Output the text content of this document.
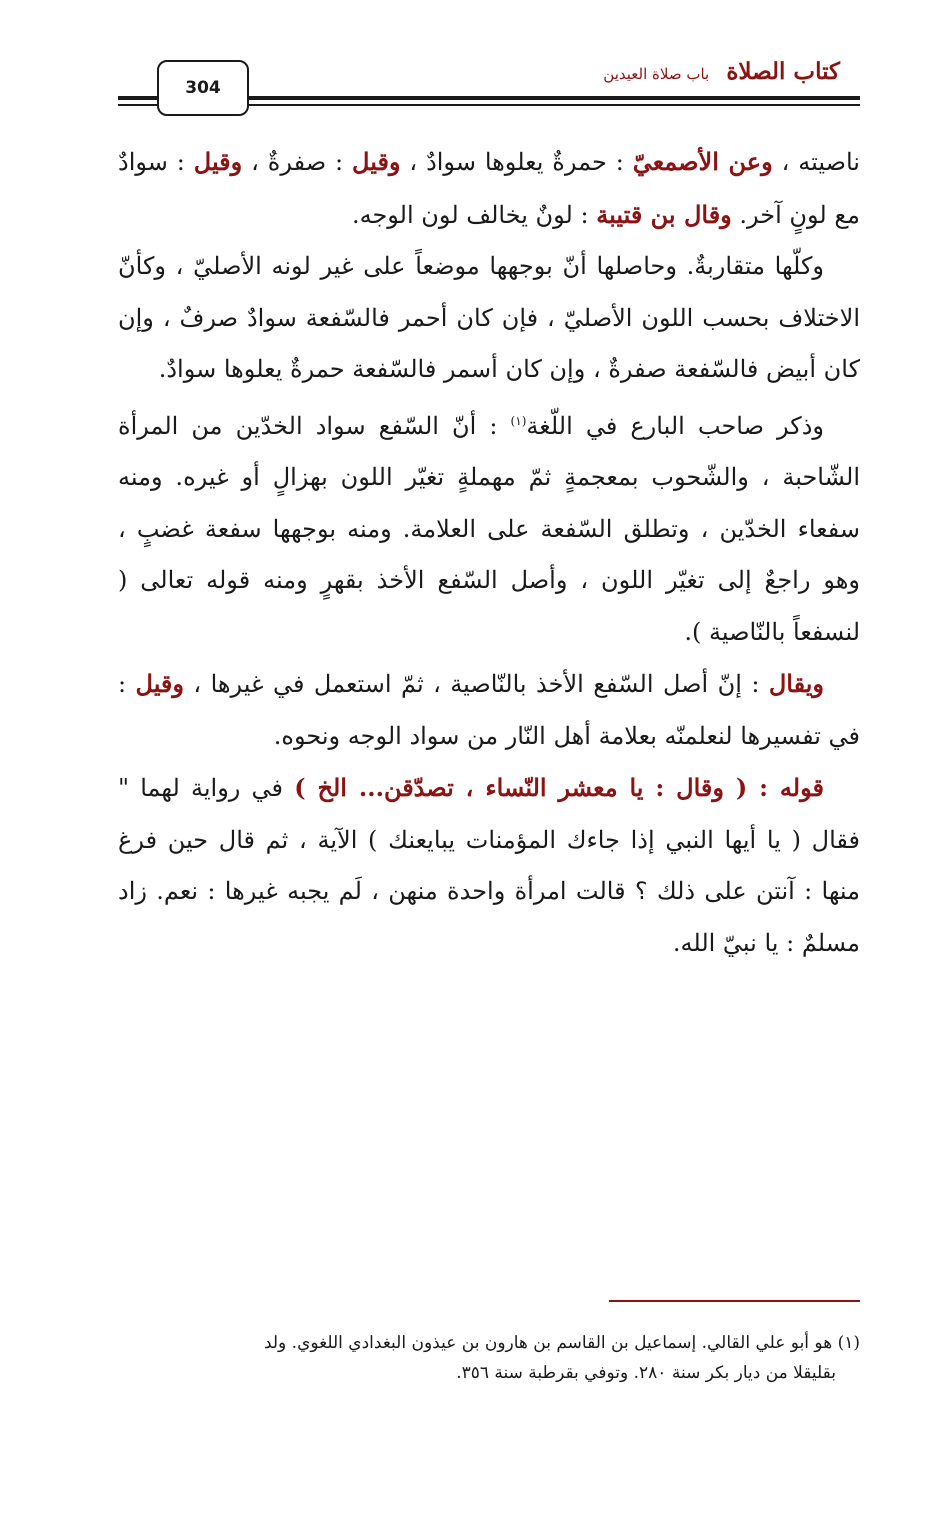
304
كتاب الصلاة باب صلاة العيدين

ناصيته ، وعن الأصمعيّ : حمرةٌ يعلوها سوادٌ ، وقيل : صفرةٌ ، وقيل : سوادٌ مع لونٍ آخر. وقال بن قتيبة : لونٌ يخالف لون الوجه.

وكلّها متقاربةٌ. وحاصلها أنّ بوجهها موضعاً على غير لونه الأصليّ ، وكأنّ الاختلاف بحسب اللون الأصليّ ، فإن كان أحمر فالسّفعة سوادٌ صرفٌ ، وإن كان أبيض فالسّفعة صفرةٌ ، وإن كان أسمر فالسّفعة حمرةٌ يعلوها سوادٌ.

وذكر صاحب البارع في اللّغة$^{(١)}$ : أنّ السّفع سواد الخدّين من المرأة الشّاحبة ، والشّحوب بمعجمةٍ ثمّ مهملةٍ تغيّر اللون بهزالٍ أو غيره. ومنه سفعاء الخدّين ، وتطلق السّفعة على العلامة. ومنه بوجهها سفعة غضبٍ ، وهو راجعٌ إلى تغيّر اللون ، وأصل السّفع الأخذ بقهرٍ ومنه قوله تعالى ( لنسفعاً بالنّاصية ).

ويقال : إنّ أصل السّفع الأخذ بالنّاصية ، ثمّ استعمل في غيرها ، وقيل : في تفسيرها لنعلمنّه بعلامة أهل النّار من سواد الوجه ونحوه.

قوله : ( وقال : يا معشر النّساء ، تصدّقن... الخ ) في رواية لهما " فقال ( يا أيها النبي إذا جاءك المؤمنات يبايعنك ) الآية ، ثم قال حين فرغ منها : آنتن على ذلك ؟ قالت امرأة واحدة منهن ، لَم يجبه غيرها : نعم. زاد مسلمٌ : يا نبيّ الله.

(١) هو أبو علي القالي. إسماعيل بن القاسم بن هارون بن عيذون البغدادي اللغوي. ولد
بقليقلا من ديار بكر سنة ٢٨٠. وتوفي بقرطبة سنة ٣٥٦.
